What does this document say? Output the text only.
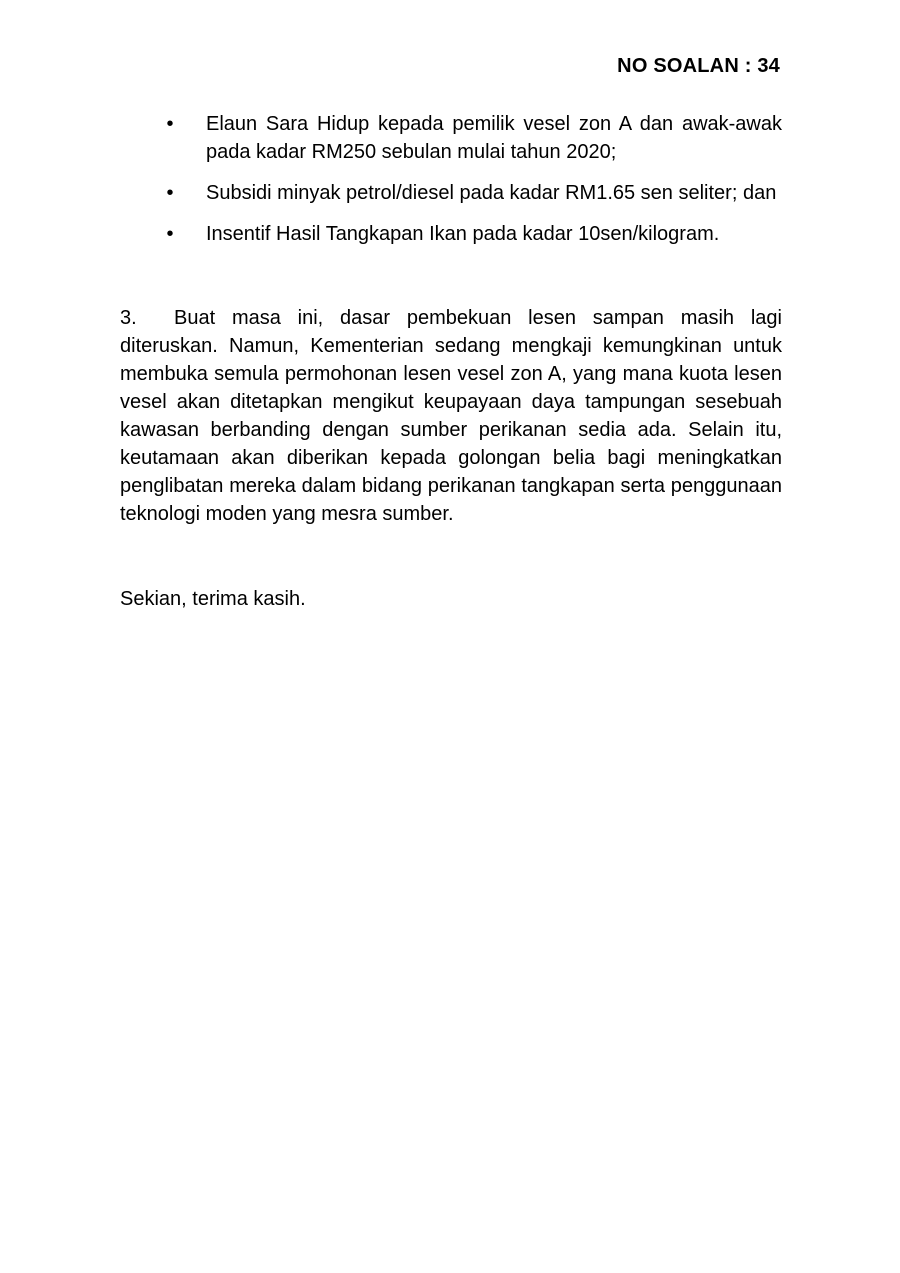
NO SOALAN : 34
• Elaun Sara Hidup kepada pemilik vesel zon A dan awak-awak pada kadar RM250 sebulan mulai tahun 2020;
• Subsidi minyak petrol/diesel pada kadar RM1.65 sen seliter; dan
• Insentif Hasil Tangkapan Ikan pada kadar 10sen/kilogram.

3. Buat masa ini, dasar pembekuan lesen sampan masih lagi diteruskan. Namun, Kementerian sedang mengkaji kemungkinan untuk membuka semula permohonan lesen vesel zon A, yang mana kuota lesen vesel akan ditetapkan mengikut keupayaan daya tampungan sesebuah kawasan berbanding dengan sumber perikanan sedia ada. Selain itu, keutamaan akan diberikan kepada golongan belia bagi meningkatkan penglibatan mereka dalam bidang perikanan tangkapan serta penggunaan teknologi moden yang mesra sumber.

Sekian, terima kasih.
